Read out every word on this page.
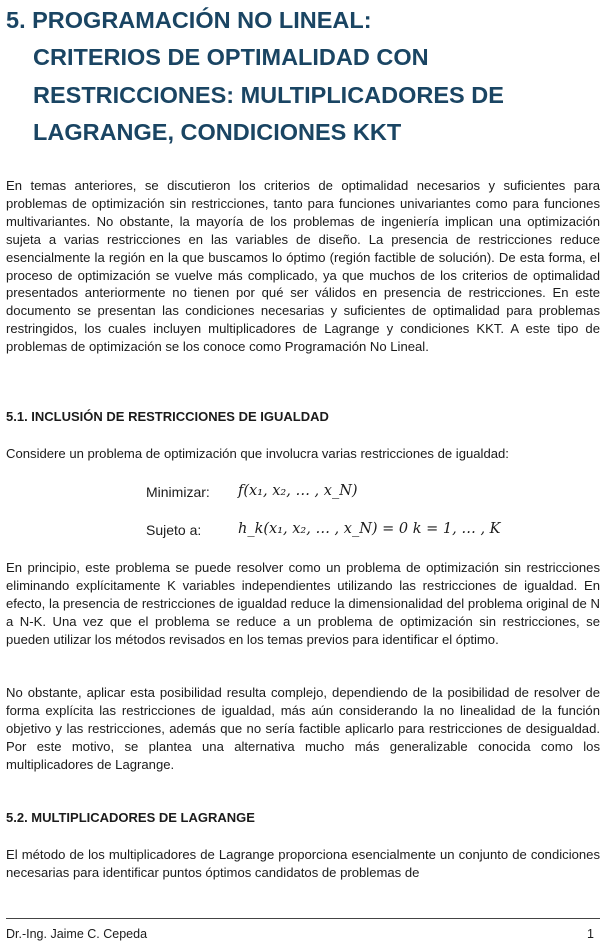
5. PROGRAMACIÓN NO LINEAL:
CRITERIOS DE OPTIMALIDAD CON
RESTRICCIONES: MULTIPLICADORES DE
LAGRANGE, CONDICIONES KKT

En temas anteriores, se discutieron los criterios de optimalidad necesarios y suficientes para problemas de optimización sin restricciones, tanto para funciones univariantes como para funciones multivariantes. No obstante, la mayoría de los problemas de ingeniería implican una optimización sujeta a varias restricciones en las variables de diseño. La presencia de restricciones reduce esencialmente la región en la que buscamos lo óptimo (región factible de solución). De esta forma, el proceso de optimización se vuelve más complicado, ya que muchos de los criterios de optimalidad presentados anteriormente no tienen por qué ser válidos en presencia de restricciones. En este documento se presentan las condiciones necesarias y suficientes de optimalidad para problemas restringidos, los cuales incluyen multiplicadores de Lagrange y condiciones KKT. A este tipo de problemas de optimización se los conoce como Programación No Lineal.

5.1. INCLUSIÓN DE RESTRICCIONES DE IGUALDAD

Considere un problema de optimización que involucra varias restricciones de igualdad:

Minimizar: f(x₁, x₂, … , x_N)
Sujeto a:	h_k(x₁, x₂, … , x_N) = 0 k = 1, … , K

En principio, este problema se puede resolver como un problema de optimización sin restricciones eliminando explícitamente K variables independientes utilizando las restricciones de igualdad. En efecto, la presencia de restricciones de igualdad reduce la dimensionalidad del problema original de N a N-K. Una vez que el problema se reduce a un problema de optimización sin restricciones, se pueden utilizar los métodos revisados en los temas previos para identificar el óptimo.

No obstante, aplicar esta posibilidad resulta complejo, dependiendo de la posibilidad de resolver de forma explícita las restricciones de igualdad, más aún considerando la no linealidad de la función objetivo y las restricciones, además que no sería factible aplicarlo para restricciones de desigualdad. Por este motivo, se plantea una alternativa mucho más generalizable conocida como los multiplicadores de Lagrange.

5.2. MULTIPLICADORES DE LAGRANGE

El método de los multiplicadores de Lagrange proporciona esencialmente un conjunto de condiciones necesarias para identificar puntos óptimos candidatos de problemas de

Dr.-Ing. Jaime C. Cepeda	1
